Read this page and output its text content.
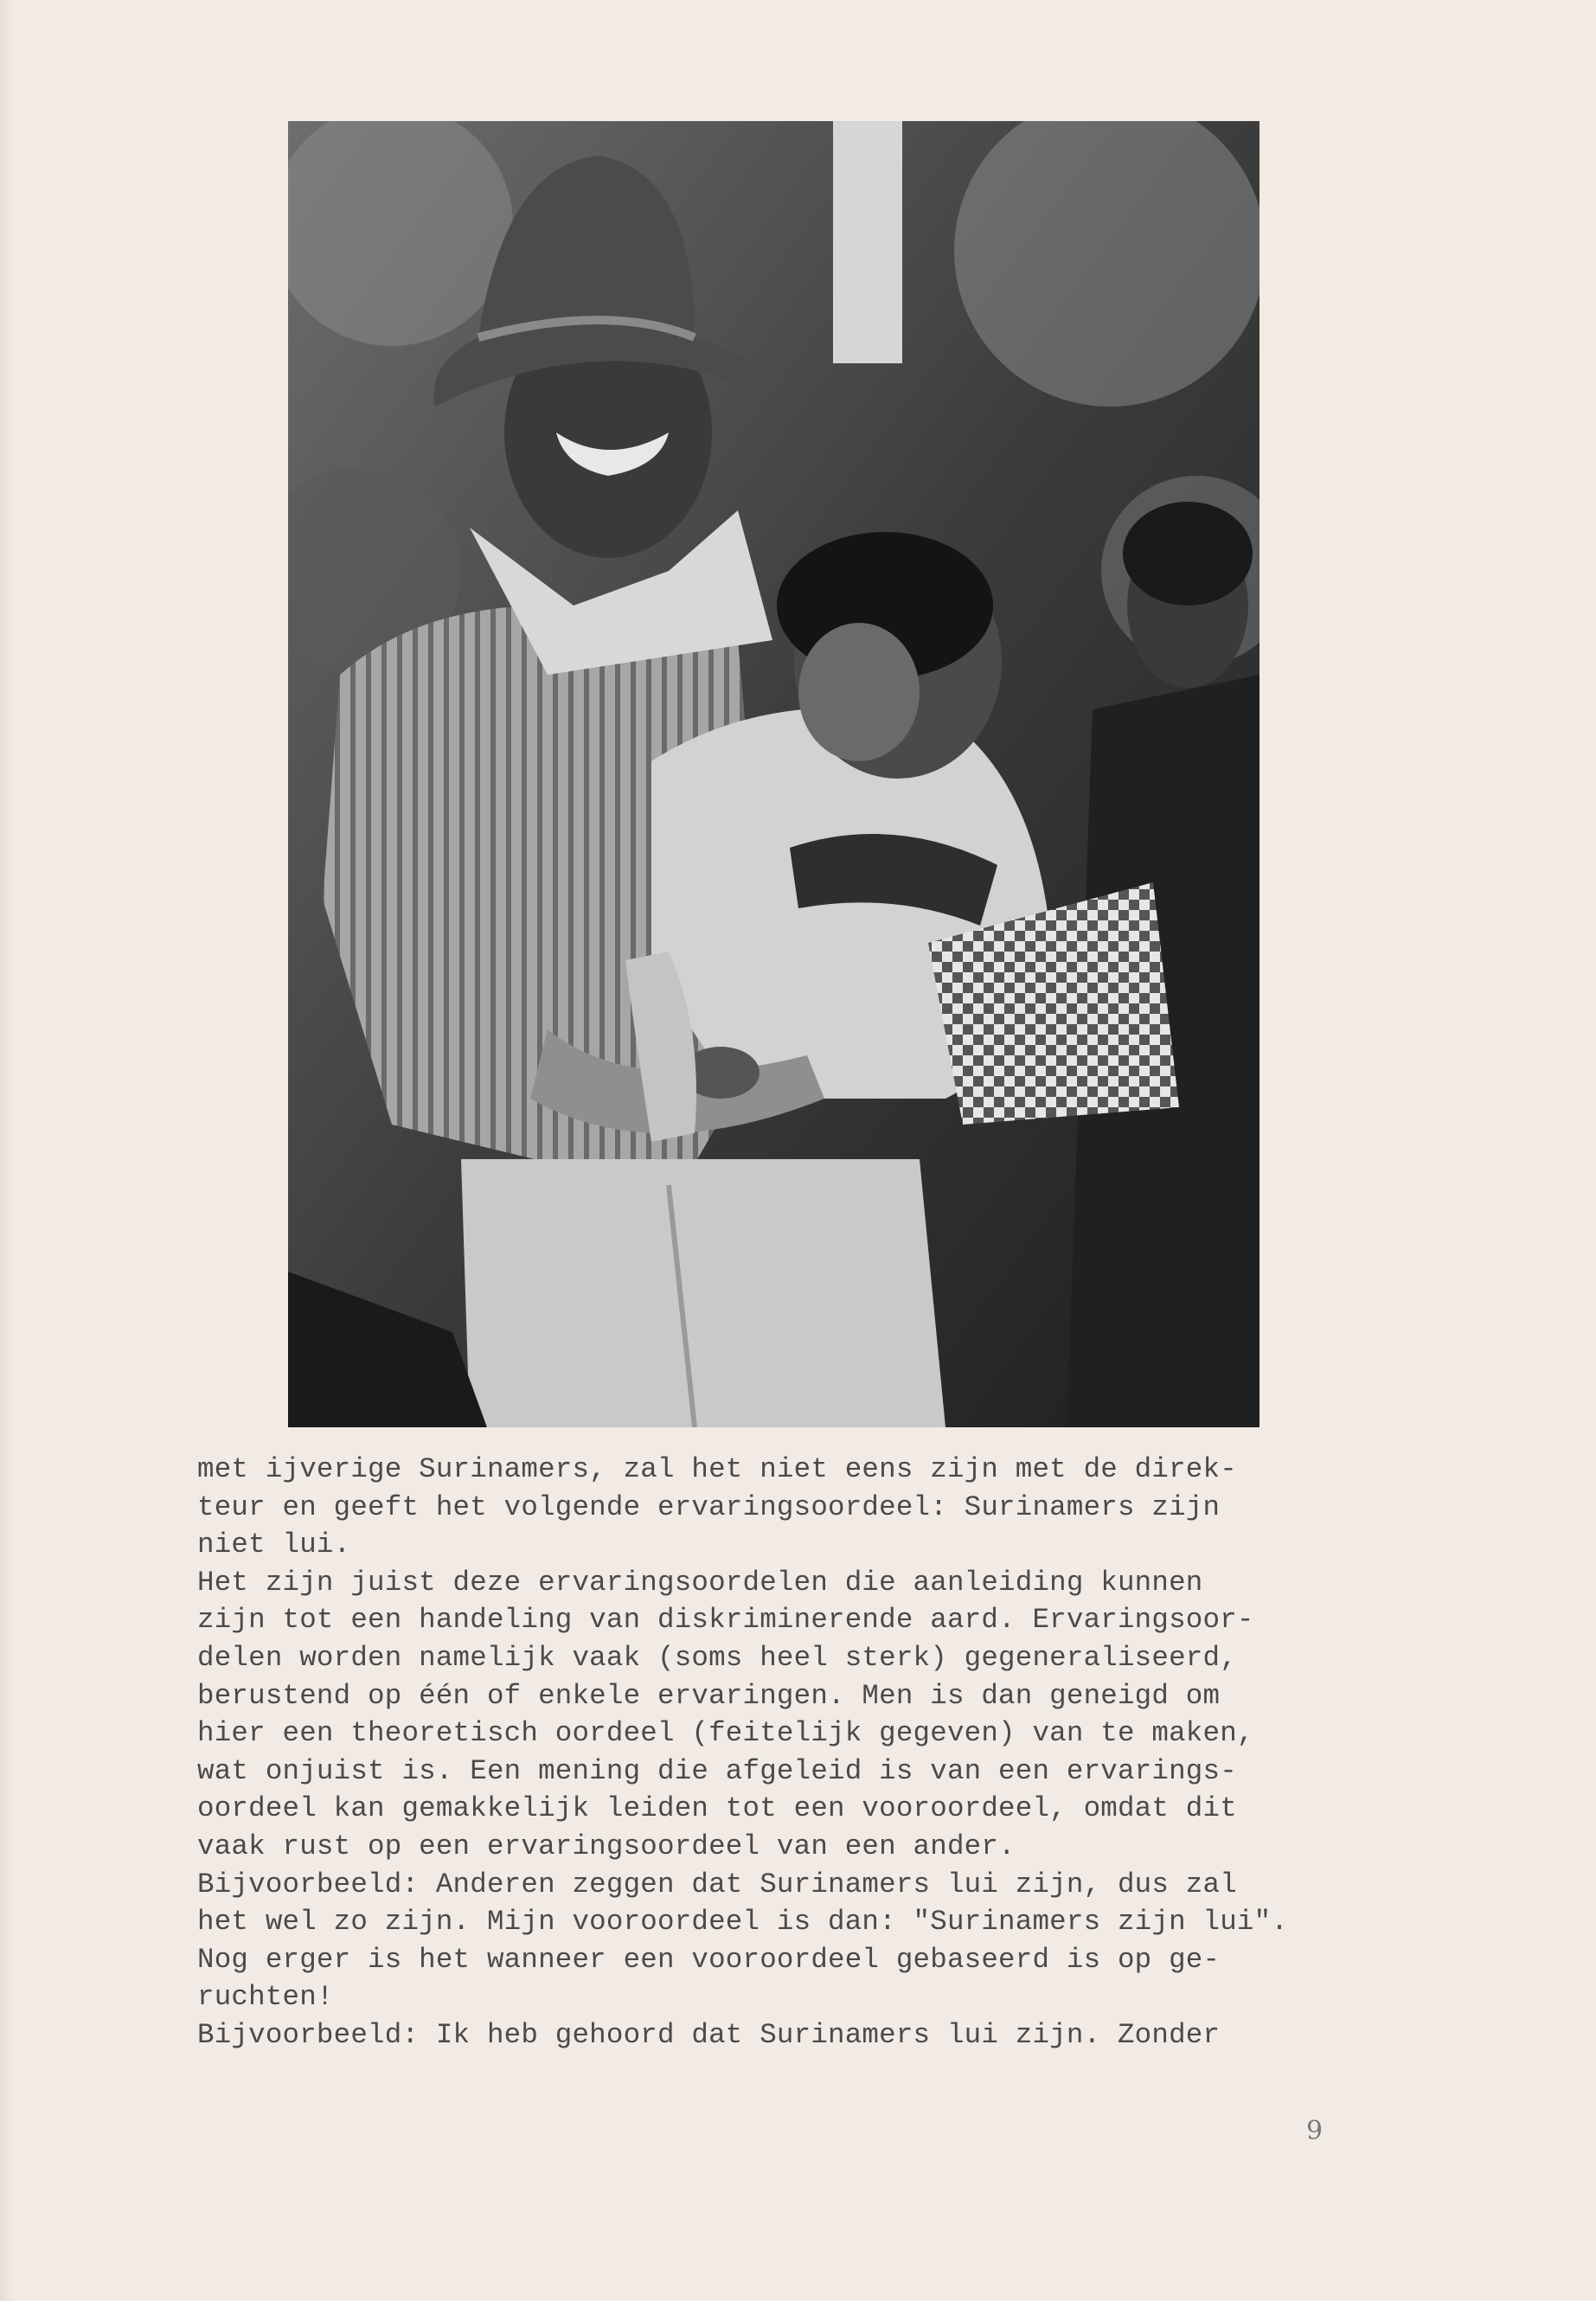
met ijverige Surinamers, zal het niet eens zijn met de direk-
teur en geeft het volgende ervaringsoordeel: Surinamers zijn
niet lui.
Het zijn juist deze ervaringsoordelen die aanleiding kunnen
zijn tot een handeling van diskriminerende aard. Ervaringsoor-
delen worden namelijk vaak (soms heel sterk) gegeneraliseerd,
berustend op één of enkele ervaringen. Men is dan geneigd om
hier een theoretisch oordeel (feitelijk gegeven) van te maken,
wat onjuist is. Een mening die afgeleid is van een ervarings-
oordeel kan gemakkelijk leiden tot een vooroordeel, omdat dit
vaak rust op een ervaringsoordeel van een ander.
Bijvoorbeeld: Anderen zeggen dat Surinamers lui zijn, dus zal
het wel zo zijn. Mijn vooroordeel is dan: "Surinamers zijn lui".
Nog erger is het wanneer een vooroordeel gebaseerd is op ge-
ruchten!
Bijvoorbeeld: Ik heb gehoord dat Surinamers lui zijn. Zonder
9
